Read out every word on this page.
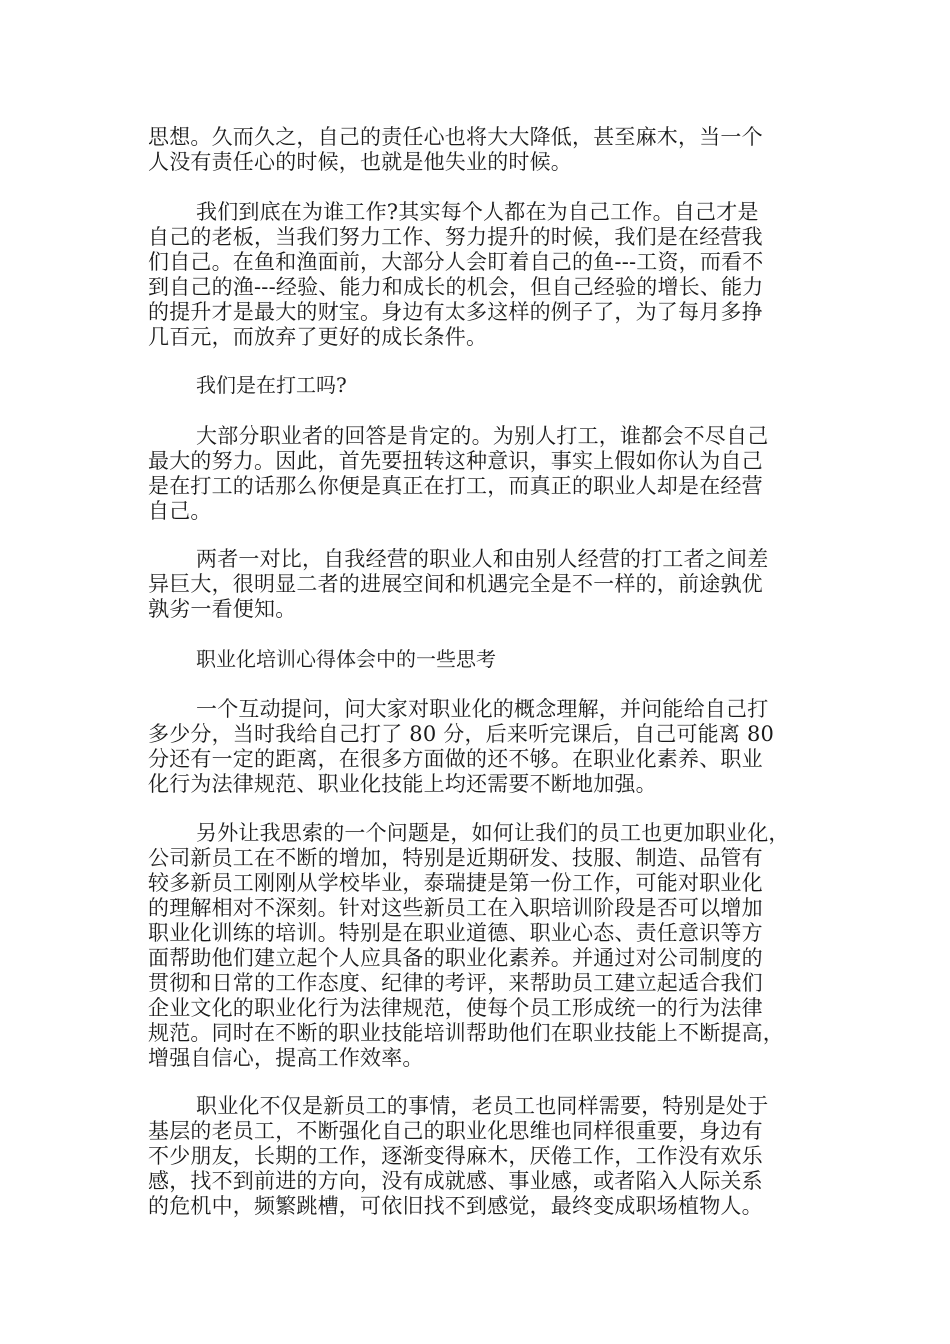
思想。久而久之，自己的责任心也将大大降低，甚至麻木，当一个
人没有责任心的时候，也就是他失业的时候。
我们到底在为谁工作?其实每个人都在为自己工作。自己才是
自己的老板，当我们努力工作、努力提升的时候，我们是在经营我
们自己。在鱼和渔面前，大部分人会盯着自己的鱼---工资，而看不
到自己的渔---经验、能力和成长的机会，但自己经验的增长、能力
的提升才是最大的财宝。身边有太多这样的例子了，为了每月多挣
几百元，而放弃了更好的成长条件。
我们是在打工吗?
大部分职业者的回答是肯定的。为别人打工，谁都会不尽自己
最大的努力。因此，首先要扭转这种意识，事实上假如你认为自己
是在打工的话那么你便是真正在打工，而真正的职业人却是在经营
自己。
两者一对比，自我经营的职业人和由别人经营的打工者之间差
异巨大，很明显二者的进展空间和机遇完全是不一样的，前途孰优
孰劣一看便知。
职业化培训心得体会中的一些思考
一个互动提问，问大家对职业化的概念理解，并问能给自己打
多少分，当时我给自己打了 80 分，后来听完课后，自己可能离 80
分还有一定的距离，在很多方面做的还不够。在职业化素养、职业
化行为法律规范、职业化技能上均还需要不断地加强。
另外让我思索的一个问题是，如何让我们的员工也更加职业化，
公司新员工在不断的增加，特别是近期研发、技服、制造、品管有
较多新员工刚刚从学校毕业，泰瑞捷是第一份工作，可能对职业化
的理解相对不深刻。针对这些新员工在入职培训阶段是否可以增加
职业化训练的培训。特别是在职业道德、职业心态、责任意识等方
面帮助他们建立起个人应具备的职业化素养。并通过对公司制度的
贯彻和日常的工作态度、纪律的考评，来帮助员工建立起适合我们
企业文化的职业化行为法律规范，使每个员工形成统一的行为法律
规范。同时在不断的职业技能培训帮助他们在职业技能上不断提高，
增强自信心，提高工作效率。
职业化不仅是新员工的事情，老员工也同样需要，特别是处于
基层的老员工，不断强化自己的职业化思维也同样很重要，身边有
不少朋友，长期的工作，逐渐变得麻木，厌倦工作，工作没有欢乐
感，找不到前进的方向，没有成就感、事业感，或者陷入人际关系
的危机中，频繁跳槽，可依旧找不到感觉，最终变成职场植物人。
